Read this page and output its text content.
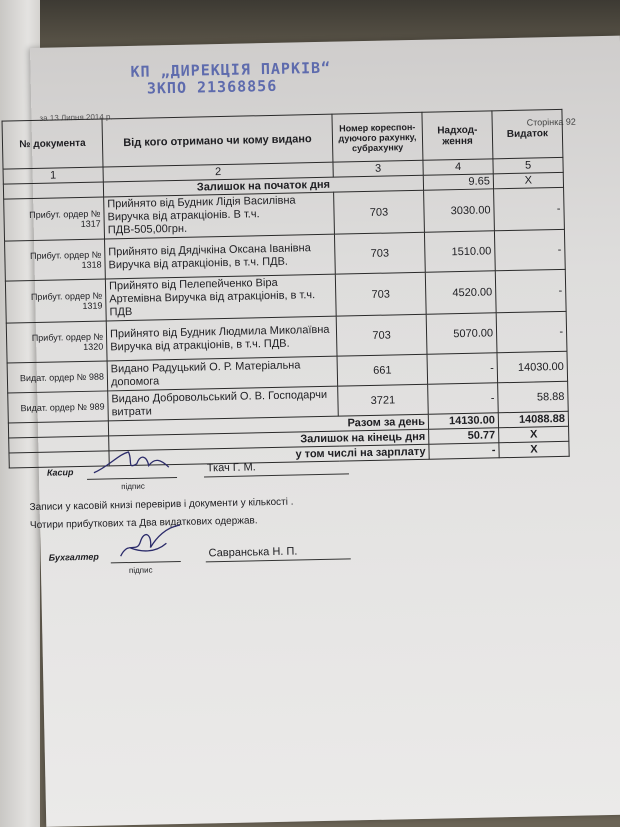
КП „ДИРЕКЦІЯ ПАРКІВ“
ЗКПО 21368856
за 13 Липня 2014 р.	Сторінка 92
№ документа	Від кого отримано чи кому видано	Номер кореспон-дуючого рахунку, субрахунку	Надход-ження	Видаток
1	2	3	4	5
	Залишок на початок дня		9.65	Х
Прибут. ордер № 1317	Прийнято від Будник Лідія Василівна Виручка від атракціонів. В т.ч. ПДВ-505,00грн.	703	3030.00	-
Прибут. ордер № 1318	Прийнято від Дядічкіна Оксана Іванівна Виручка від атракціонів, в т.ч. ПДВ.	703	1510.00	-
Прибут. ордер № 1319	Прийнято від Пелепейченко Віра Артемівна Виручка від атракціонів, в т.ч. ПДВ	703	4520.00	-
Прибут. ордер № 1320	Прийнято від Будник Людмила Миколаївна Виручка від атракціонів, в т.ч. ПДВ.	703	5070.00	-
Видат. ордер № 988	Видано Радуцький О. Р. Матеріальна допомога	661	-	14030.00
Видат. ордер № 989	Видано Добровольський О. В. Господарчи витрати	3721	-	58.88
	Разом за день		14130.00	14088.88
	Залишок на кінець дня		50.77	Х
	у том числі на зарплату		-	Х
Касир
підпис
Ткач Г. М.
Записи у касовій книзі перевірив і документи у кількості .
Чотири прибуткових та Два видаткових одержав.
Бухгалтер
підпис
Савранська Н. П.
